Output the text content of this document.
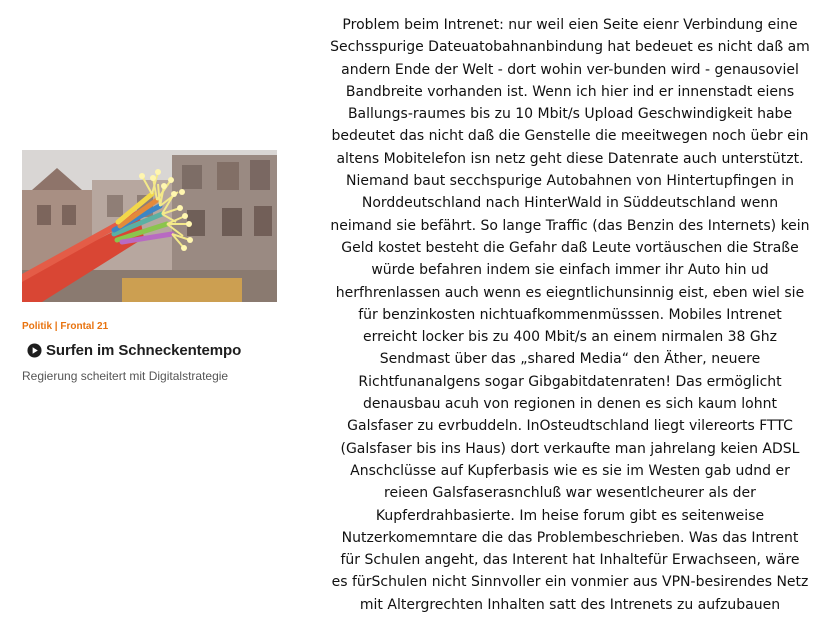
Politik | Frontal 21
Surfen im Schneckentempo
Regierung scheitert mit Digitalstrategie
Problem beim Intrenet: nur weil eien Seite eienr Verbindung eine
Sechsspurige Dateuatobahnanbindung hat bedeuet es nicht daß am
andern Ende der Welt - dort wohin ver-bunden wird - genausoviel
Bandbreite vorhanden ist. Wenn ich hier ind er innenstadt eiens
Ballungs-raumes bis zu 10 Mbit/s Upload Geschwindigkeit habe
bedeutet das nicht daß die Genstelle die meeitwegen noch üebr ein
altens Mobitelefon isn netz geht diese Datenrate auch unterstützt.
Niemand baut secchspurige Autobahnen von Hintertupfingen in
Norddeutschland nach HinterWald in Süddeutschland wenn
neimand sie befährt. So lange Traffic (das Benzin des Internets) kein
Geld kostet besteht die Gefahr daß Leute vortäuschen die Straße
würde befahren indem sie einfach immer ihr Auto hin ud
herfhrenlassen auch wenn es eiegntlichunsinnig eist, eben wiel sie
für benzinkosten nichtuafkommenmüsssen. Mobiles Intrenet
erreicht locker bis zu 400 Mbit/s an einem nirmalen 38 Ghz
Sendmast über das „shared Media“ den Äther, neuere
Richtfunanalgens sogar Gibgabitdatenraten! Das ermöglicht
denausbau acuh von regionen in denen es sich kaum lohnt
Galsfaser zu evrbuddeln. InOsteudtschland liegt vilereorts FTTC
(Galsfaser bis ins Haus) dort verkaufte man jahrelang keien ADSL
Anschclüsse auf Kupferbasis wie es sie im Westen gab udnd er
reieen Galsfaserasnchluß war wesentlcheurer als der
Kupferdrahbasierte. Im heise forum gibt es seitenweise
Nutzerkomemntare die das Problembeschrieben. Was das Intrent
für Schulen angeht, das Interent hat Inhaltefür Erwachseen, wäre
es fürSchulen nicht Sinnvoller ein vonmier aus VPN-besirendes Netz
mit Altergrechten Inhalten satt des Intrenets zu aufzubauen
